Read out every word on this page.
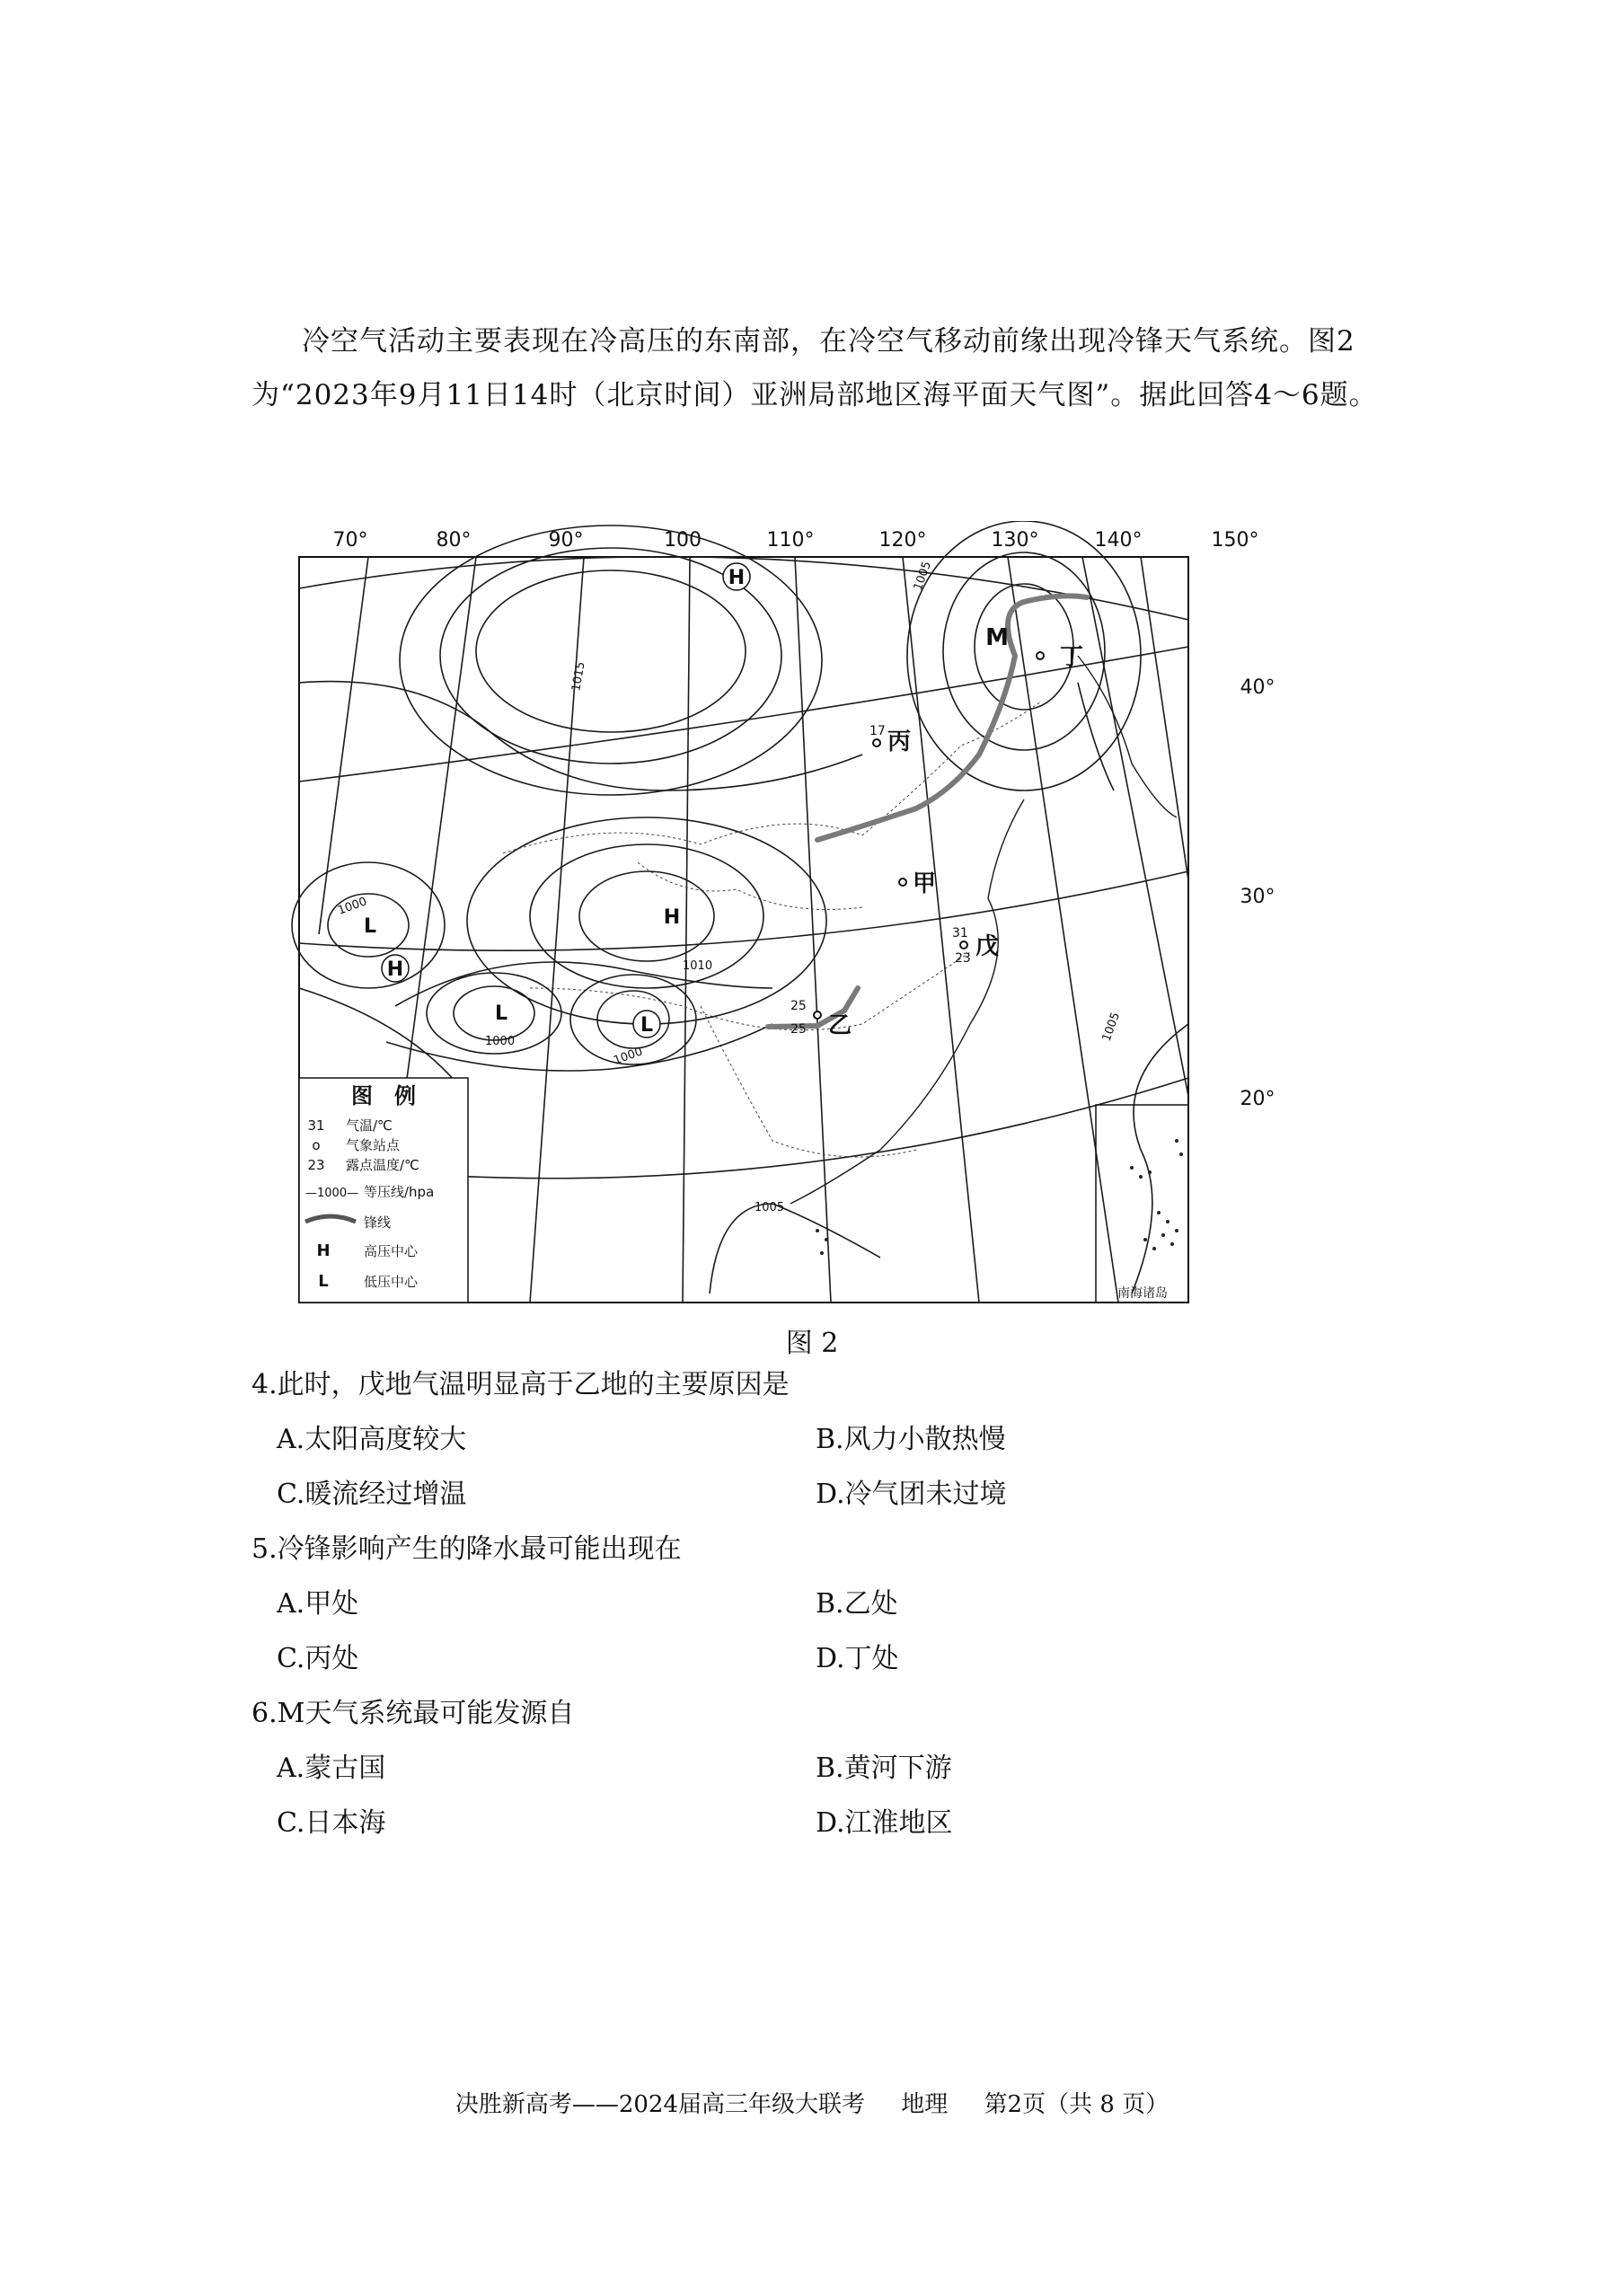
冷空气活动主要表现在冷高压的东南部，在冷空气移动前缘出现冷锋天气系统。图2为“2023年9月11日14时（北京时间）亚洲局部地区海平面天气图”。据此回答4～6题。

70°	80°	90°	100	110°	120°	130°	140°	150°
40°
30°
20°
南海诸岛
1015
1005
1010
1000
1000
1000
1005
1005
H
H
L	H
L
L
M
丁
17 丙
甲
31
23 戊
25
25 乙
图　例
31 气温/℃
o 气象站点
23 露点温度/℃
—1000— 等压线/hpa
锋线
H 高压中心
L	低压中心
图 2

4.此时，戊地气温明显高于乙地的主要原因是

A.太阳高度较大	B.风力小散热慢
C.暖流经过增温	D.冷气团未过境

5.冷锋影响产生的降水最可能出现在

A.甲处	B.乙处
C.丙处	D.丁处

6.M天气系统最可能发源自

A.蒙古国	B.黄河下游
C.日本海	D.江淮地区
决胜新高考——2024届高三年级大联考 地理 第2页（共 8 页）
